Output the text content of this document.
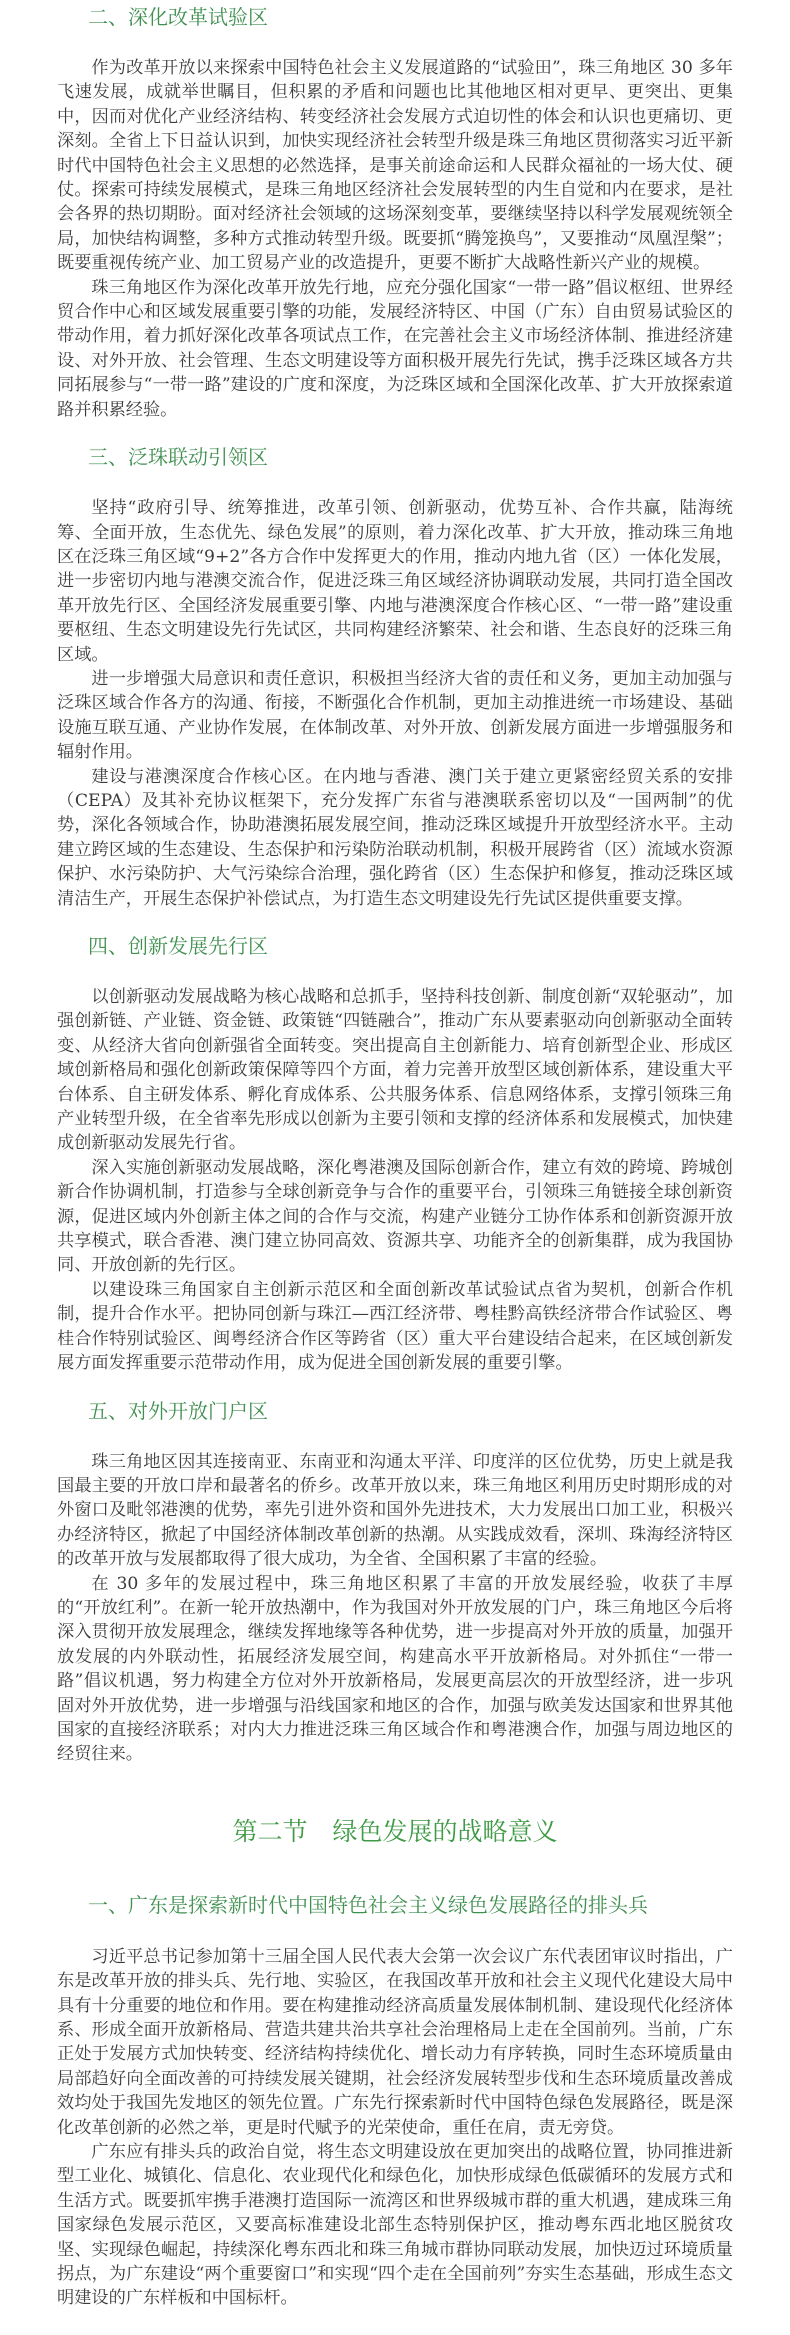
二、深化改革试验区

作为改革开放以来探索中国特色社会主义发展道路的“试验田”，珠三角地区 30 多年飞速发展，成就举世瞩目，但积累的矛盾和问题也比其他地区相对更早、更突出、更集中，因而对优化产业经济结构、转变经济社会发展方式迫切性的体会和认识也更痛切、更深刻。全省上下日益认识到，加快实现经济社会转型升级是珠三角地区贯彻落实习近平新时代中国特色社会主义思想的必然选择，是事关前途命运和人民群众福祉的一场大仗、硬仗。探索可持续发展模式，是珠三角地区经济社会发展转型的内生自觉和内在要求，是社会各界的热切期盼。面对经济社会领域的这场深刻变革，要继续坚持以科学发展观统领全局，加快结构调整，多种方式推动转型升级。既要抓“腾笼换鸟”，又要推动“凤凰涅槃”；既要重视传统产业、加工贸易产业的改造提升，更要不断扩大战略性新兴产业的规模。

珠三角地区作为深化改革开放先行地，应充分强化国家“一带一路”倡议枢纽、世界经贸合作中心和区域发展重要引擎的功能，发展经济特区、中国（广东）自由贸易试验区的带动作用，着力抓好深化改革各项试点工作，在完善社会主义市场经济体制、推进经济建设、对外开放、社会管理、生态文明建设等方面积极开展先行先试，携手泛珠区域各方共同拓展参与“一带一路”建设的广度和深度，为泛珠区域和全国深化改革、扩大开放探索道路并积累经验。

三、泛珠联动引领区

坚持“政府引导、统筹推进，改革引领、创新驱动，优势互补、合作共赢，陆海统筹、全面开放，生态优先、绿色发展”的原则，着力深化改革、扩大开放，推动珠三角地区在泛珠三角区域“9+2”各方合作中发挥更大的作用，推动内地九省（区）一体化发展，进一步密切内地与港澳交流合作，促进泛珠三角区域经济协调联动发展，共同打造全国改革开放先行区、全国经济发展重要引擎、内地与港澳深度合作核心区、“一带一路”建设重要枢纽、生态文明建设先行先试区，共同构建经济繁荣、社会和谐、生态良好的泛珠三角区域。

进一步增强大局意识和责任意识，积极担当经济大省的责任和义务，更加主动加强与泛珠区域合作各方的沟通、衔接，不断强化合作机制，更加主动推进统一市场建设、基础设施互联互通、产业协作发展，在体制改革、对外开放、创新发展方面进一步增强服务和辐射作用。

建设与港澳深度合作核心区。在内地与香港、澳门关于建立更紧密经贸关系的安排（CEPA）及其补充协议框架下，充分发挥广东省与港澳联系密切以及“一国两制”的优势，深化各领域合作，协助港澳拓展发展空间，推动泛珠区域提升开放型经济水平。主动建立跨区域的生态建设、生态保护和污染防治联动机制，积极开展跨省（区）流域水资源保护、水污染防护、大气污染综合治理，强化跨省（区）生态保护和修复，推动泛珠区域清洁生产，开展生态保护补偿试点，为打造生态文明建设先行先试区提供重要支撑。

四、创新发展先行区

以创新驱动发展战略为核心战略和总抓手，坚持科技创新、制度创新“双轮驱动”，加强创新链、产业链、资金链、政策链“四链融合”，推动广东从要素驱动向创新驱动全面转变、从经济大省向创新强省全面转变。突出提高自主创新能力、培育创新型企业、形成区域创新格局和强化创新政策保障等四个方面，着力完善开放型区域创新体系，建设重大平台体系、自主研发体系、孵化育成体系、公共服务体系、信息网络体系，支撑引领珠三角产业转型升级，在全省率先形成以创新为主要引领和支撑的经济体系和发展模式，加快建成创新驱动发展先行省。

深入实施创新驱动发展战略，深化粤港澳及国际创新合作，建立有效的跨境、跨城创新合作协调机制，打造参与全球创新竞争与合作的重要平台，引领珠三角链接全球创新资源，促进区域内外创新主体之间的合作与交流，构建产业链分工协作体系和创新资源开放共享模式，联合香港、澳门建立协同高效、资源共享、功能齐全的创新集群，成为我国协同、开放创新的先行区。

以建设珠三角国家自主创新示范区和全面创新改革试验试点省为契机，创新合作机制，提升合作水平。把协同创新与珠江—西江经济带、粤桂黔高铁经济带合作试验区、粤桂合作特别试验区、闽粤经济合作区等跨省（区）重大平台建设结合起来，在区域创新发展方面发挥重要示范带动作用，成为促进全国创新发展的重要引擎。

五、对外开放门户区

珠三角地区因其连接南亚、东南亚和沟通太平洋、印度洋的区位优势，历史上就是我国最主要的开放口岸和最著名的侨乡。改革开放以来，珠三角地区利用历史时期形成的对外窗口及毗邻港澳的优势，率先引进外资和国外先进技术，大力发展出口加工业，积极兴办经济特区，掀起了中国经济体制改革创新的热潮。从实践成效看，深圳、珠海经济特区的改革开放与发展都取得了很大成功，为全省、全国积累了丰富的经验。

在 30 多年的发展过程中，珠三角地区积累了丰富的开放发展经验，收获了丰厚的“开放红利”。在新一轮开放热潮中，作为我国对外开放发展的门户，珠三角地区今后将深入贯彻开放发展理念，继续发挥地缘等各种优势，进一步提高对外开放的质量，加强开放发展的内外联动性，拓展经济发展空间，构建高水平开放新格局。对外抓住“一带一路”倡议机遇，努力构建全方位对外开放新格局，发展更高层次的开放型经济，进一步巩固对外开放优势，进一步增强与沿线国家和地区的合作，加强与欧美发达国家和世界其他国家的直接经济联系；对内大力推进泛珠三角区域合作和粤港澳合作，加强与周边地区的经贸往来。

第二节　绿色发展的战略意义
一、广东是探索新时代中国特色社会主义绿色发展路径的排头兵

习近平总书记参加第十三届全国人民代表大会第一次会议广东代表团审议时指出，广东是改革开放的排头兵、先行地、实验区，在我国改革开放和社会主义现代化建设大局中具有十分重要的地位和作用。要在构建推动经济高质量发展体制机制、建设现代化经济体系、形成全面开放新格局、营造共建共治共享社会治理格局上走在全国前列。当前，广东正处于发展方式加快转变、经济结构持续优化、增长动力有序转换，同时生态环境质量由局部趋好向全面改善的可持续发展关键期，社会经济发展转型步伐和生态环境质量改善成效均处于我国先发地区的领先位置。广东先行探索新时代中国特色绿色发展路径，既是深化改革创新的必然之举，更是时代赋予的光荣使命，重任在肩，责无旁贷。

广东应有排头兵的政治自觉，将生态文明建设放在更加突出的战略位置，协同推进新型工业化、城镇化、信息化、农业现代化和绿色化，加快形成绿色低碳循环的发展方式和生活方式。既要抓牢携手港澳打造国际一流湾区和世界级城市群的重大机遇，建成珠三角国家绿色发展示范区，又要高标准建设北部生态特别保护区，推动粤东西北地区脱贫攻坚、实现绿色崛起，持续深化粤东西北和珠三角城市群协同联动发展，加快迈过环境质量拐点，为广东建设“两个重要窗口”和实现“四个走在全国前列”夯实生态基础，形成生态文明建设的广东样板和中国标杆。
